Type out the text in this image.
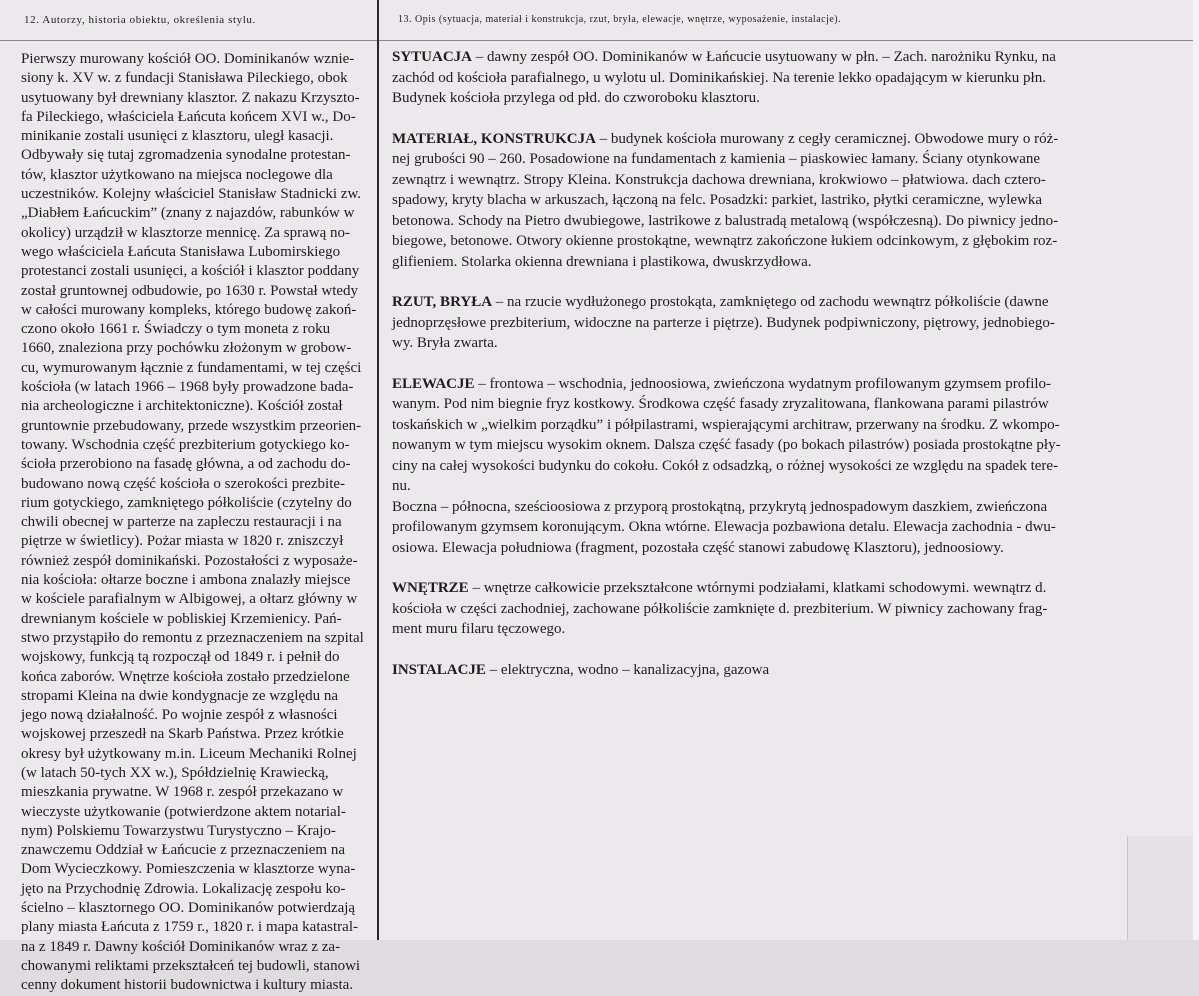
12. Autorzy, historia obiektu, określenia stylu.	13. Opis (sytuacja, materiał i konstrukcja, rzut, bryła, elewacje, wnętrze, wyposażenie, instalacje).
Pierwszy murowany kościół OO. Dominikanów wznie-
siony k. XV w. z fundacji Stanisława Pileckiego, obok
usytuowany był drewniany klasztor. Z nakazu Krzyszto-
fa Pileckiego, właściciela Łańcuta końcem XVI w., Do-
minikanie zostali usunięci z klasztoru, uległ kasacji.
Odbywały się tutaj zgromadzenia synodalne protestan-
tów, klasztor użytkowano na miejsca noclegowe dla
uczestników. Kolejny właściciel Stanisław Stadnicki zw.
„Diabłem Łańcuckim” (znany z najazdów, rabunków w
okolicy) urządził w klasztorze mennicę. Za sprawą no-
wego właściciela Łańcuta Stanisława Lubomirskiego
protestanci zostali usunięci, a kościół i klasztor poddany
został gruntownej odbudowie, po 1630 r. Powstał wtedy
w całości murowany kompleks, którego budowę zakoń-
czono około 1661 r. Świadczy o tym moneta z roku
1660, znaleziona przy pochówku złożonym w grobow-
cu, wymurowanym łącznie z fundamentami, w tej części
kościoła (w latach 1966 – 1968 były prowadzone bada-
nia archeologiczne i architektoniczne). Kościół został
gruntownie przebudowany, przede wszystkim przeorien-
towany. Wschodnia część prezbiterium gotyckiego ko-
ścioła przerobiono na fasadę główna, a od zachodu do-
budowano nową część kościoła o szerokości prezbite-
rium gotyckiego, zamkniętego półkoliście (czytelny do
chwili obecnej w parterze na zapleczu restauracji i na
piętrze w świetlicy). Pożar miasta w 1820 r. zniszczył
również zespół dominikański. Pozostałości z wyposaże-
nia kościoła: ołtarze boczne i ambona znalazły miejsce
w kościele parafialnym w Albigowej, a ołtarz główny w
drewnianym kościele w pobliskiej Krzemienicy. Pań-
stwo przystąpiło do remontu z przeznaczeniem na szpital
wojskowy, funkcją tą rozpoczął od 1849 r. i pełnił do
końca zaborów. Wnętrze kościoła zostało przedzielone
stropami Kleina na dwie kondygnacje ze względu na
jego nową działalność. Po wojnie zespół z własności
wojskowej przeszedł na Skarb Państwa. Przez krótkie
okresy był użytkowany m.in. Liceum Mechaniki Rolnej
(w latach 50-tych XX w.), Spółdzielnię Krawiecką,
mieszkania prywatne. W 1968 r. zespół przekazano w
wieczyste użytkowanie (potwierdzone aktem notarial-
nym) Polskiemu Towarzystwu Turystyczno – Krajo-
znawczemu Oddział w Łańcucie z przeznaczeniem na
Dom Wycieczkowy. Pomieszczenia w klasztorze wyna-
jęto na Przychodnię Zdrowia. Lokalizację zespołu ko-
ścielno – klasztornego OO. Dominikanów potwierdzają
plany miasta Łańcuta z 1759 r., 1820 r. i mapa katastral-
na z 1849 r. Dawny kościół Dominikanów wraz z za-
chowanymi reliktami przekształceń tej budowli, stanowi
cenny dokument historii budownictwa i kultury miasta.
SYTUACJA – dawny zespół OO. Dominikanów w Łańcucie usytuowany w płn. – Zach. narożniku Rynku, na
zachód od kościoła parafialnego, u wylotu ul. Dominikańskiej. Na terenie lekko opadającym w kierunku płn.
Budynek kościoła przylega od płd. do czworoboku klasztoru.
MATERIAŁ, KONSTRUKCJA – budynek kościoła murowany z cegły ceramicznej. Obwodowe mury o róż-
nej grubości 90 – 260. Posadowione na fundamentach z kamienia – piaskowiec łamany. Ściany otynkowane
zewnątrz i wewnątrz. Stropy Kleina. Konstrukcja dachowa drewniana, krokwiowo – płatwiowa. dach cztero-
spadowy, kryty blacha w arkuszach, łączoną na felc. Posadzki: parkiet, lastriko, płytki ceramiczne, wylewka
betonowa. Schody na Pietro dwubiegowe, lastrikowe z balustradą metalową (współczesną). Do piwnicy jedno-
biegowe, betonowe. Otwory okienne prostokątne, wewnątrz zakończone łukiem odcinkowym, z głębokim roz-
glifieniem. Stolarka okienna drewniana i plastikowa, dwuskrzydłowa.
RZUT, BRYŁA – na rzucie wydłużonego prostokąta, zamkniętego od zachodu wewnątrz półkoliście (dawne
jednoprzęsłowe prezbiterium, widoczne na parterze i piętrze). Budynek podpiwniczony, piętrowy, jednobiego-
wy. Bryła zwarta.
ELEWACJE – frontowa – wschodnia, jednoosiowa, zwieńczona wydatnym profilowanym gzymsem profilo-
wanym. Pod nim biegnie fryz kostkowy. Środkowa część fasady zryzalitowana, flankowana parami pilastrów
toskańskich w „wielkim porządku” i półpilastrami, wspierającymi architraw, przerwany na środku. Z wkompo-
nowanym w tym miejscu wysokim oknem. Dalsza część fasady (po bokach pilastrów) posiada prostokątne pły-
ciny na całej wysokości budynku do cokołu. Cokół z odsadzką, o różnej wysokości ze względu na spadek tere-
nu.
Boczna – północna, sześcioosiowa z przyporą prostokątną, przykrytą jednospadowym daszkiem, zwieńczona
profilowanym gzymsem koronującym. Okna wtórne. Elewacja pozbawiona detalu. Elewacja zachodnia - dwu-
osiowa. Elewacja południowa (fragment, pozostała część stanowi zabudowę Klasztoru), jednoosiowy.
WNĘTRZE – wnętrze całkowicie przekształcone wtórnymi podziałami, klatkami schodowymi. wewnątrz d.
kościoła w części zachodniej, zachowane półkoliście zamknięte d. prezbiterium. W piwnicy zachowany frag-
ment muru filaru tęczowego.
INSTALACJE – elektryczna, wodno – kanalizacyjna, gazowa
